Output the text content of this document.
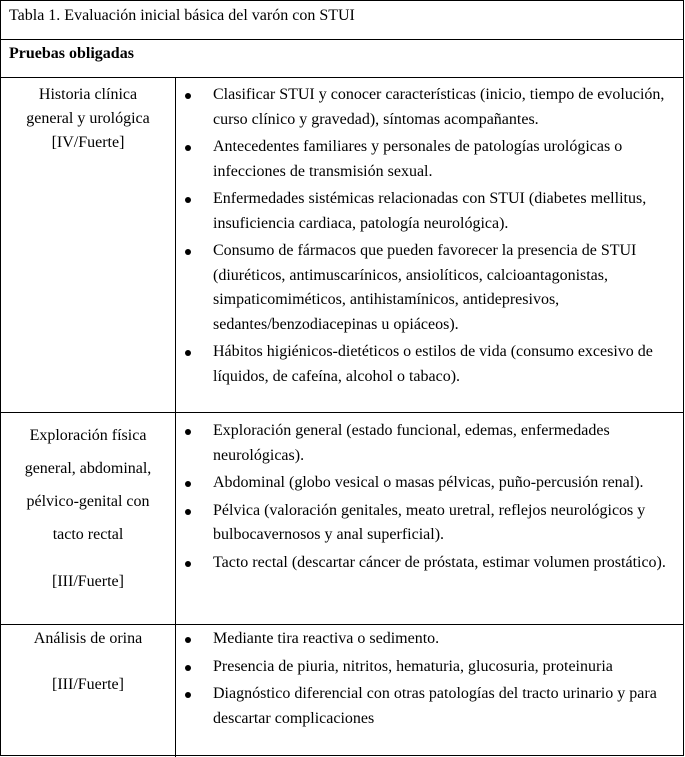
Tabla 1. Evaluación inicial básica del varón con STUI
Pruebas obligadas
Historia clínica
general y urológica
[IV/Fuerte]
Clasificar STUI y conocer características (inicio, tiempo de evolución, curso clínico y gravedad), síntomas acompañantes.
Antecedentes familiares y personales de patologías urológicas o infecciones de transmisión sexual.
Enfermedades sistémicas relacionadas con STUI (diabetes mellitus, insuficiencia cardiaca, patología neurológica).
Consumo de fármacos que pueden favorecer la presencia de STUI (diuréticos, antimuscarínicos, ansiolíticos, calcioantagonistas, simpaticomiméticos, antihistamínicos, antidepresivos, sedantes/benzodiacepinas u opiáceos).
Hábitos higiénicos-dietéticos o estilos de vida (consumo excesivo de líquidos, de cafeína, alcohol o tabaco).
Exploración física
general, abdominal,
pélvico-genital con
tacto rectal
[III/Fuerte]
Exploración general (estado funcional, edemas, enfermedades neurológicas).
Abdominal (globo vesical o masas pélvicas, puño-percusión renal).
Pélvica (valoración genitales, meato uretral, reflejos neurológicos y bulbocavernosos y anal superficial).
Tacto rectal (descartar cáncer de próstata, estimar volumen prostático).
Análisis de orina
[III/Fuerte]
Mediante tira reactiva o sedimento.
Presencia de piuria, nitritos, hematuria, glucosuria, proteinuria
Diagnóstico diferencial con otras patologías del tracto urinario y para descartar complicaciones
